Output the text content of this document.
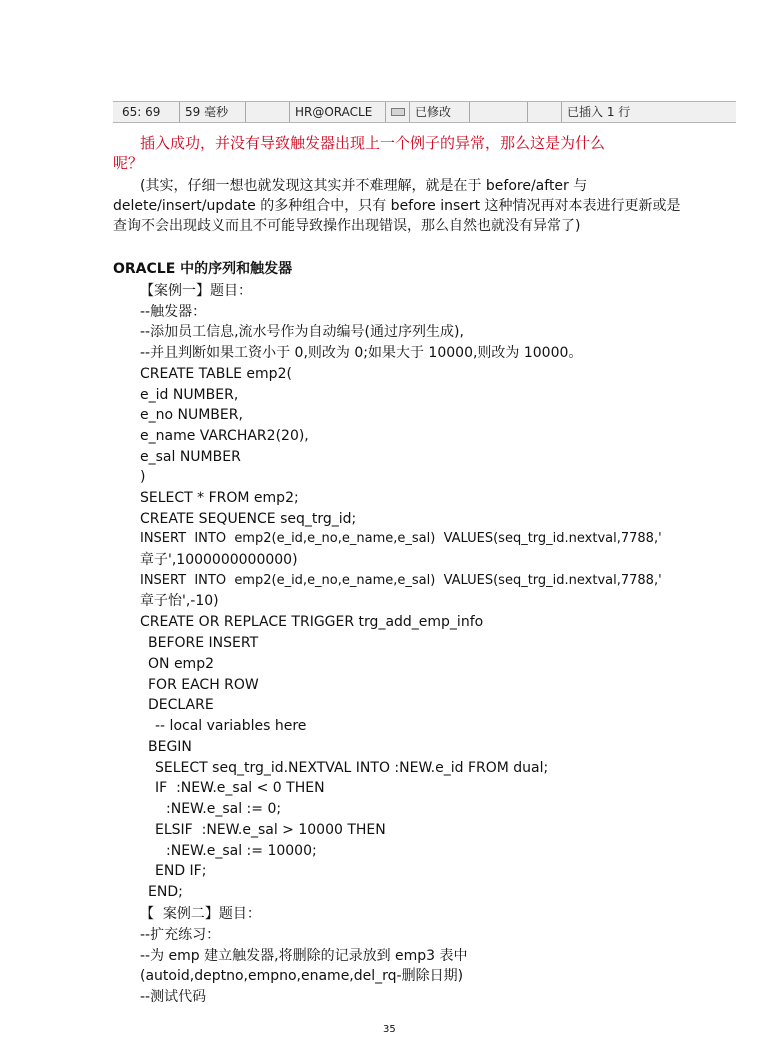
65: 69	59 毫秒	HR@ORACLE	已修改	已插入 1 行
插入成功，并没有导致触发器出现上一个例子的异常，那么这是为什么
呢？
(其实，仔细一想也就发现这其实并不难理解，就是在于 before/after 与
delete/insert/update 的多种组合中，只有 before insert 这种情况再对本表进行更新或是
查询不会出现歧义而且不可能导致操作出现错误，那么自然也就没有异常了)
ORACLE 中的序列和触发器
【案例一】题目：
--触发器：
--添加员工信息,流水号作为自动编号(通过序列生成),
--并且判断如果工资小于 0,则改为 0;如果大于 10000,则改为 10000。
CREATE TABLE emp2(
e_id NUMBER,
e_no NUMBER,
e_name VARCHAR2(20),
e_sal NUMBER
)
SELECT * FROM emp2;
CREATE SEQUENCE seq_trg_id;
INSERT  INTO  emp2(e_id,e_no,e_name,e_sal)  VALUES(seq_trg_id.nextval,7788,'
章子',1000000000000)
INSERT  INTO  emp2(e_id,e_no,e_name,e_sal)  VALUES(seq_trg_id.nextval,7788,'
章子怡',-10)
CREATE OR REPLACE TRIGGER trg_add_emp_info
BEFORE INSERT
ON emp2
FOR EACH ROW
DECLARE
-- local variables here
BEGIN
SELECT seq_trg_id.NEXTVAL INTO :NEW.e_id FROM dual;
IF  :NEW.e_sal < 0 THEN
:NEW.e_sal := 0;
ELSIF  :NEW.e_sal > 10000 THEN
:NEW.e_sal := 10000;
END IF;
END;
【  案例二】题目：
--扩充练习：
--为 emp 建立触发器,将删除的记录放到 emp3 表中
(autoid,deptno,empno,ename,del_rq-删除日期)
--测试代码
35
